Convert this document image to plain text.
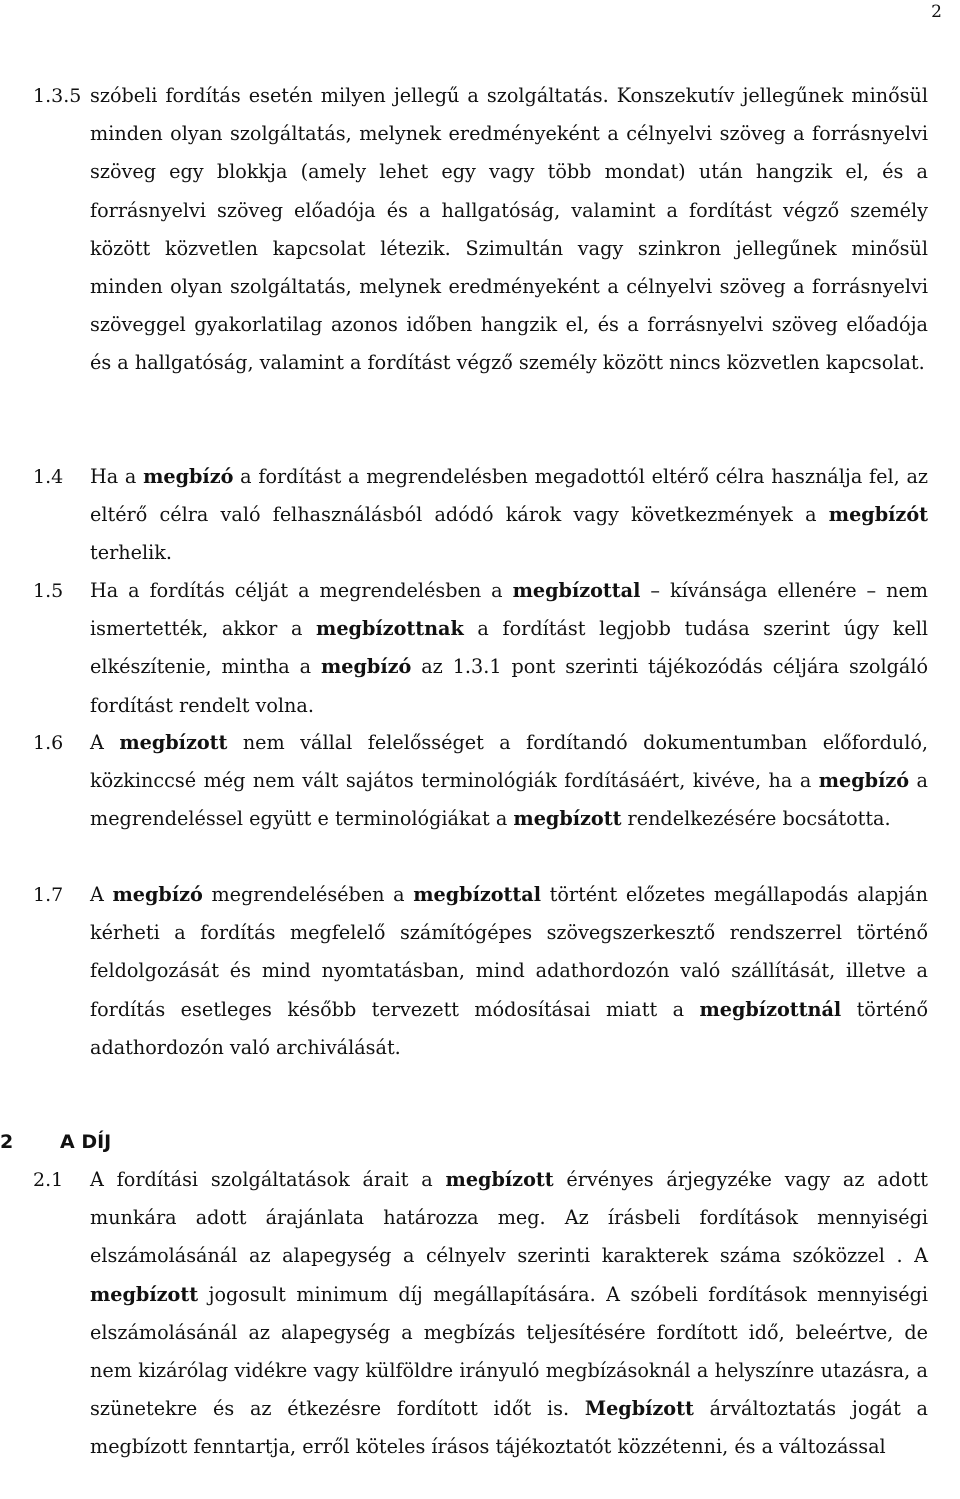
2
1.3.5 szóbeli fordítás esetén milyen jellegű a szolgáltatás. Konszekutív jellegűnek minősül minden olyan szolgáltatás, melynek eredményeként a célnyelvi szöveg a forrásnyelvi szöveg egy blokkja (amely lehet egy vagy több mondat) után hangzik el, és a forrásnyelvi szöveg előadója és a hallgatóság, valamint a fordítást végző személy között közvetlen kapcsolat létezik. Szimultán vagy szinkron jellegűnek minősül minden olyan szolgáltatás, melynek eredményeként a célnyelvi szöveg a forrásnyelvi szöveggel gyakorlatilag azonos időben hangzik el, és a forrásnyelvi szöveg előadója és a hallgatóság, valamint a fordítást végző személy között nincs közvetlen kapcsolat.
1.4 Ha a megbízó a fordítást a megrendelésben megadottól eltérő célra használja fel, az eltérő célra való felhasználásból adódó károk vagy következmények a megbízót terhelik.
1.5 Ha a fordítás célját a megrendelésben a megbízottal – kívánsága ellenére – nem ismertették, akkor a megbízottnak a fordítást legjobb tudása szerint úgy kell elkészítenie, mintha a megbízó az 1.3.1 pont szerinti tájékozódás céljára szolgáló fordítást rendelt volna.
1.6 A megbízott nem vállal felelősséget a fordítandó dokumentumban előforduló, közkinccsé még nem vált sajátos terminológiák fordításáért, kivéve, ha a megbízó a megrendeléssel együtt e terminológiákat a megbízott rendelkezésére bocsátotta.
1.7 A megbízó megrendelésében a megbízottal történt előzetes megállapodás alapján kérheti a fordítás megfelelő számítógépes szövegszerkesztő rendszerrel történő feldolgozását és mind nyomtatásban, mind adathordozón való szállítását, illetve a fordítás esetleges később tervezett módosításai miatt a megbízottnál történő adathordozón való archiválását.
2 A DÍJ
2.1 A fordítási szolgáltatások árait a megbízott érvényes árjegyzéke vagy az adott munkára adott árajánlata határozza meg. Az írásbeli fordítások mennyiségi elszámolásánál az alapegység a célnyelv szerinti karakterek száma szóközzel . A megbízott jogosult minimum díj megállapítására. A szóbeli fordítások mennyiségi elszámolásánál az alapegység a megbízás teljesítésére fordított idő, beleértve, de nem kizárólag vidékre vagy külföldre irányuló megbízásoknál a helyszínre utazásra, a szünetekre és az étkezésre fordított időt is. Megbízott árváltoztatás jogát a megbízott fenntartja, erről köteles írásos tájékoztatót közzétenni, és a változással
